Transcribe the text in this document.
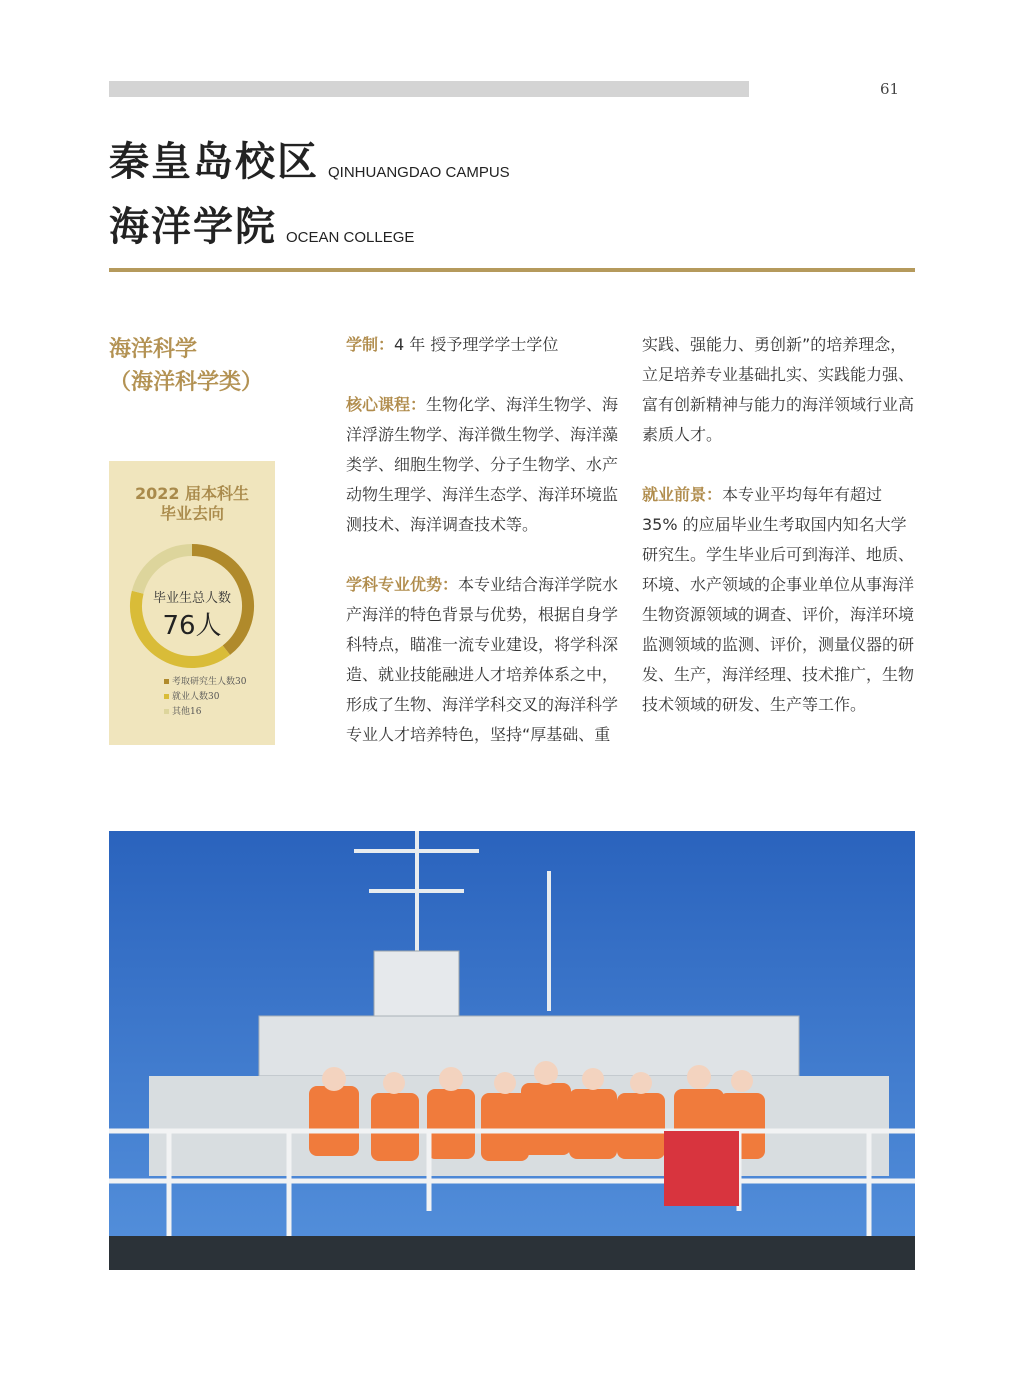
61
秦皇岛校区 QINHUANGDAO CAMPUS
海洋学院 OCEAN COLLEGE
海洋科学
（海洋科学类）
2022 届本科生
毕业去向
毕业生总人数
76人
考取研究生人数30
就业人数30
其他16

学制：4 年 授予理学学士学位

核心课程：生物化学、海洋生物学、海洋浮游生物学、海洋微生物学、海洋藻类学、细胞生物学、分子生物学、水产动物生理学、海洋生态学、海洋环境监测技术、海洋调查技术等。

学科专业优势：本专业结合海洋学院水产海洋的特色背景与优势，根据自身学科特点，瞄准一流专业建设，将学科深造、就业技能融进人才培养体系之中，形成了生物、海洋学科交叉的海洋科学专业人才培养特色，坚持“厚基础、重

实践、强能力、勇创新”的培养理念，立足培养专业基础扎实、实践能力强、富有创新精神与能力的海洋领域行业高素质人才。

就业前景：本专业平均每年有超过 35% 的应届毕业生考取国内知名大学研究生。学生毕业后可到海洋、地质、环境、水产领域的企事业单位从事海洋生物资源领域的调查、评价，海洋环境监测领域的监测、评价，测量仪器的研发、生产，海洋经理、技术推广，生物技术领域的研发、生产等工作。
